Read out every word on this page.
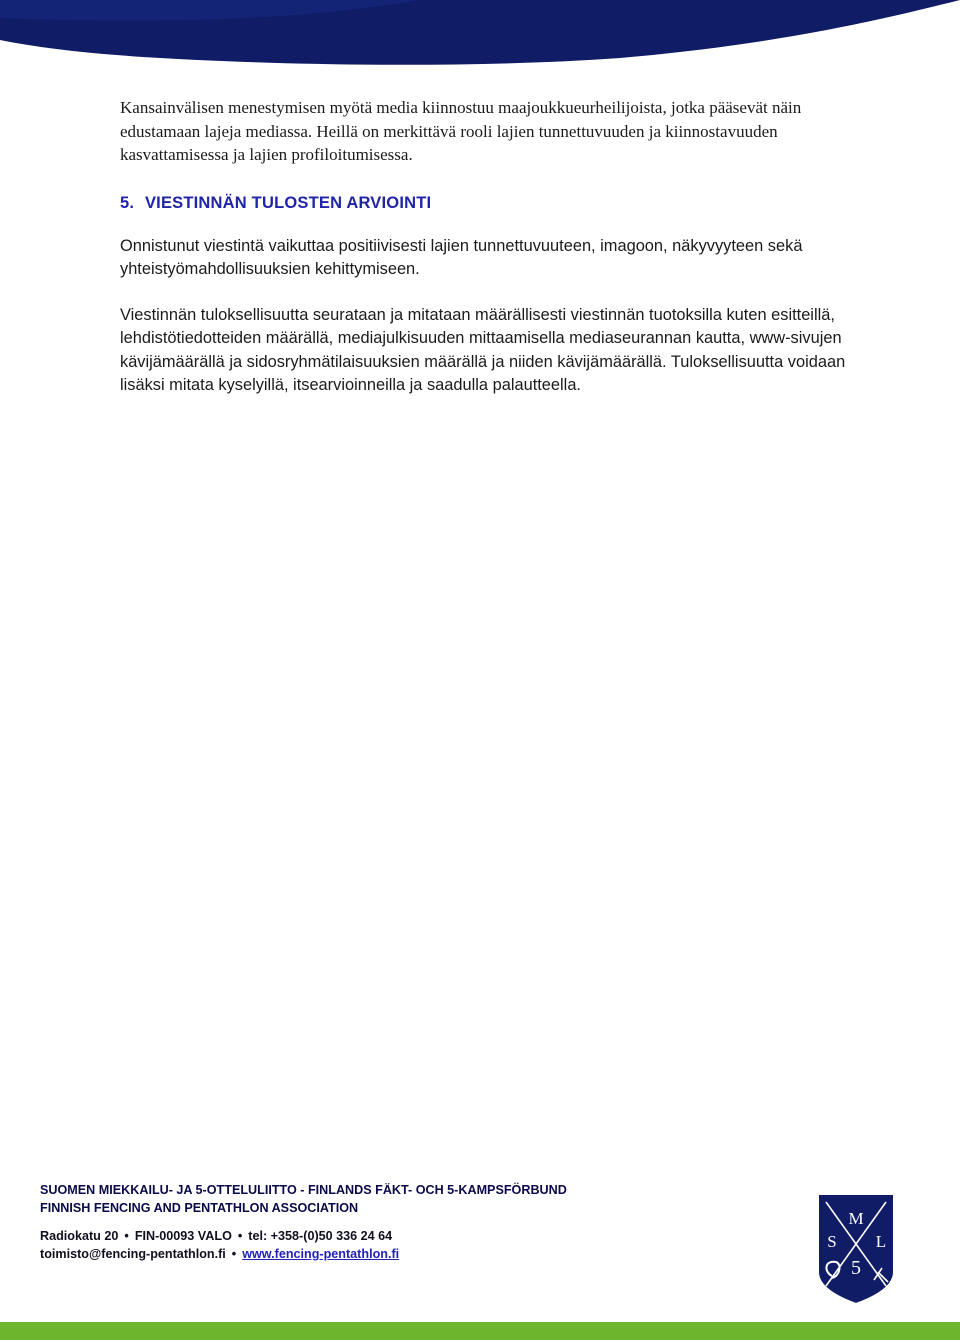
Kansainvälisen menestymisen myötä media kiinnostuu maajoukkueurheilijoista, jotka pääsevät näin edustamaan lajeja mediassa. Heillä on merkittävä rooli lajien tunnettuvuuden ja kiinnostavuuden kasvattamisessa ja lajien profiloitumisessa.

5. VIESTINNÄN TULOSTEN ARVIOINTI

Onnistunut viestintä vaikuttaa positiivisesti lajien tunnettuvuuteen, imagoon, näkyvyyteen sekä yhteistyömahdollisuuksien kehittymiseen.

Viestinnän tuloksellisuutta seurataan ja mitataan määrällisesti viestinnän tuotoksilla kuten esitteillä, lehdistötiedotteiden määrällä, mediajulkisuuden mittaamisella mediaseurannan kautta, www-sivujen kävijämäärällä ja sidosryhmätilaisuuksien määrällä ja niiden kävijämäärällä. Tuloksellisuutta voidaan lisäksi mitata kyselyillä, itsearvioinneilla ja saadulla palautteella.

SUOMEN MIEKKAILU- JA 5-OTTELULIITTO - FINLANDS FÄKT- OCH 5-KAMPSFÖRBUND

FINNISH FENCING AND PENTATHLON ASSOCIATION

Radiokatu 20 • FIN-00093 VALO • tel: +358-(0)50 336 24 64

toimisto@fencing-pentathlon.fi • www.fencing-pentathlon.fi

M
S L
5
